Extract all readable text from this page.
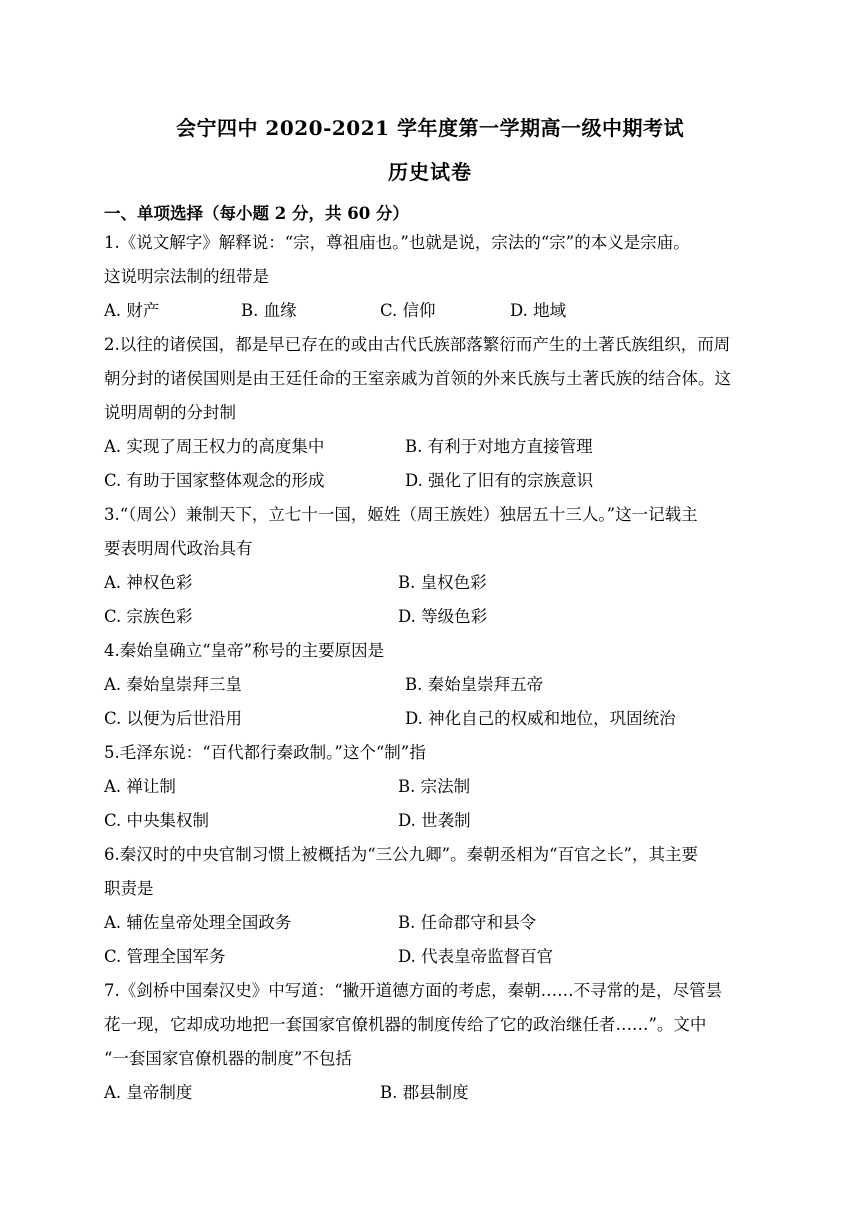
会宁四中 2020-2021 学年度第一学期高一级中期考试
历史试卷
一、单项选择（每小题 2 分，共 60 分）
1.《说文解字》解释说：“宗，尊祖庙也。”也就是说，宗法的“宗”的本义是宗庙。
这说明宗法制的纽带是
A. 财产	B. 血缘	C. 信仰	D. 地域
2.以往的诸侯国，都是早已存在的或由古代氏族部落繁衍而产生的土著氏族组织，而周
朝分封的诸侯国则是由王廷任命的王室亲戚为首领的外来氏族与土著氏族的结合体。这
说明周朝的分封制
A. 实现了周王权力的高度集中	B. 有利于对地方直接管理
C. 有助于国家整体观念的形成	D. 强化了旧有的宗族意识
3.“（周公）兼制天下，立七十一国，姬姓（周王族姓）独居五十三人。”这一记载主
要表明周代政治具有
A. 神权色彩	B. 皇权色彩
C. 宗族色彩	D. 等级色彩
4.秦始皇确立“皇帝”称号的主要原因是
A. 秦始皇崇拜三皇	B. 秦始皇崇拜五帝
C. 以便为后世沿用	D. 神化自己的权威和地位，巩固统治
5.毛泽东说：“百代都行秦政制。”这个“制”指
A. 禅让制	B. 宗法制
C. 中央集权制	D. 世袭制
6.秦汉时的中央官制习惯上被概括为“三公九卿”。秦朝丞相为“百官之长”，其主要
职责是
A. 辅佐皇帝处理全国政务	B. 任命郡守和县令
C. 管理全国军务	D. 代表皇帝监督百官
7.《剑桥中国秦汉史》中写道：“撇开道德方面的考虑，秦朝……不寻常的是，尽管昙
花一现，它却成功地把一套国家官僚机器的制度传给了它的政治继任者……”。文中
“一套国家官僚机器的制度”不包括
A. 皇帝制度	B. 郡县制度
